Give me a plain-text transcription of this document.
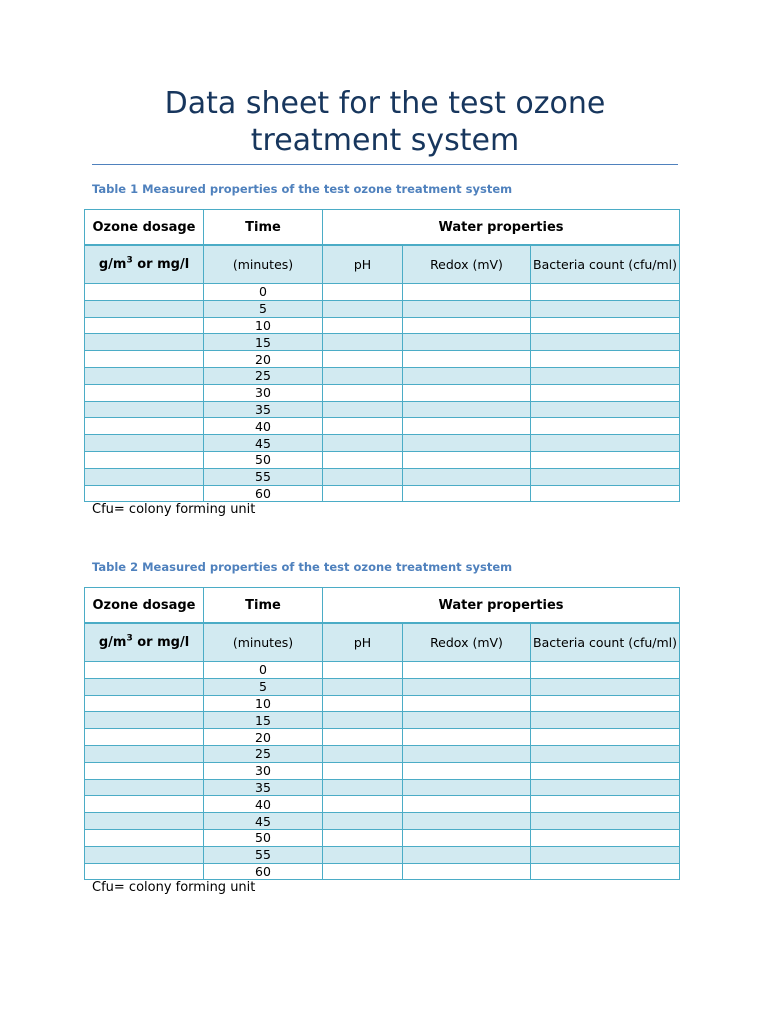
Data sheet for the test ozone treatment system
Table 1 Measured properties of the test ozone treatment system
Ozone dosage	Time	Water properties		
$g/m^3$ or mg/l	(minutes)	pH	Redox (mV)	Bacteria count (cfu/ml)
	0			
	5			
	10			
	15			
	20			
	25			
	30			
	35			
	40			
	45			
	50			
	55			
	60			
Cfu= colony forming unit
Table 2 Measured properties of the test ozone treatment system
Ozone dosage	Time	Water properties		
$g/m^3$ or mg/l	(minutes)	pH	Redox (mV)	Bacteria count (cfu/ml)
	0			
	5			
	10			
	15			
	20			
	25			
	30			
	35			
	40			
	45			
	50			
	55			
	60			
Cfu= colony forming unit
